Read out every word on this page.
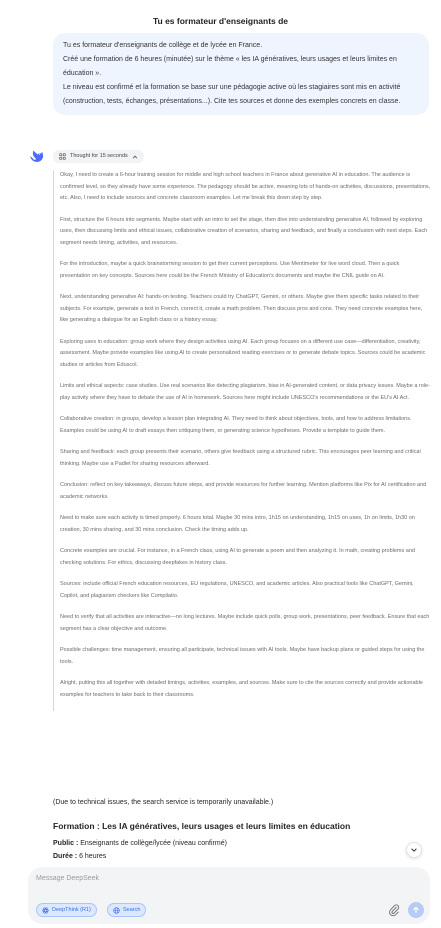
Tu es formateur d'enseignants de

Tu es formateur d'enseignants de collège et de lycée en France.

Créé une formation de 6 heures (minutée) sur le thème « les IA génératives, leurs usages et leurs limites en éducation ».

Le niveau est confirmé et la formation se base sur une pédagogie active où les stagiaires sont mis en activité (construction, tests, échanges, présentations...). Cite tes sources et donne des exemples concrets en classe.

Thought for 15 seconds

Okay, I need to create a 6-hour training session for middle and high school teachers in France about generative AI in education. The audience is confirmed level, so they already have some experience. The pedagogy should be active, meaning lots of hands-on activities, discussions, presentations, etc. Also, I need to include sources and concrete classroom examples. Let me break this down step by step.

First, structure the 6 hours into segments. Maybe start with an intro to set the stage, then dive into understanding generative AI, followed by exploring uses, then discussing limits and ethical issues, collaborative creation of scenarios, sharing and feedback, and finally a conclusion with next steps. Each segment needs timing, activities, and resources.

For the introduction, maybe a quick brainstorming session to get their current perceptions. Use Mentimeter for live word cloud. Then a quick presentation on key concepts. Sources here could be the French Ministry of Education's documents and maybe the CNIL guide on AI.

Next, understanding generative AI: hands-on testing. Teachers could try ChatGPT, Gemini, or others. Maybe give them specific tasks related to their subjects. For example, generate a text in French, correct it, create a math problem. Then discuss pros and cons. They need concrete examples here, like generating a dialogue for an English class or a history essay.

Exploring uses in education: group work where they design activities using AI. Each group focuses on a different use case—differentiation, creativity, assessment. Maybe provide examples like using AI to create personalized reading exercises or to generate debate topics. Sources could be academic studies or articles from Eduscol.

Limits and ethical aspects: case studies. Use real scenarios like detecting plagiarism, bias in AI-generated content, or data privacy issues. Maybe a role-play activity where they have to debate the use of AI in homework. Sources here might include UNESCO's recommendations or the EU's AI Act.

Collaborative creation: in groups, develop a lesson plan integrating AI. They need to think about objectives, tools, and how to address limitations. Examples could be using AI to draft essays then critiquing them, or generating science hypotheses. Provide a template to guide them.

Sharing and feedback: each group presents their scenario, others give feedback using a structured rubric. This encourages peer learning and critical thinking. Maybe use a Padlet for sharing resources afterward.

Conclusion: reflect on key takeaways, discuss future steps, and provide resources for further learning. Mention platforms like Pix for AI certification and academic networks.

Need to make sure each activity is timed properly. 6 hours total. Maybe 30 mins intro, 1h15 on understanding, 1h15 on uses, 1h on limits, 1h30 on creation, 30 mins sharing, and 30 mins conclusion. Check the timing adds up.

Concrete examples are crucial. For instance, in a French class, using AI to generate a poem and then analyzing it. In math, creating problems and checking solutions. For ethics, discussing deepfakes in history class.

Sources: include official French education resources, EU regulations, UNESCO, and academic articles. Also practical tools like ChatGPT, Gemini, Copilot, and plagiarism checkers like Compilatio.

Need to verify that all activities are interactive—no long lectures. Maybe include quick polls, group work, presentations, peer feedback. Ensure that each segment has a clear objective and outcome.

Possible challenges: time management, ensuring all participate, technical issues with AI tools. Maybe have backup plans or guided steps for using the tools.

Alright, putting this all together with detailed timings, activities, examples, and sources. Make sure to cite the sources correctly and provide actionable examples for teachers to take back to their classrooms.

(Due to technical issues, the search service is temporarily unavailable.)
Formation : Les IA génératives, leurs usages et leurs limites en éducation
Public : Enseignants de collège/lycée (niveau confirmé)
Durée : 6 heures
Message DeepSeek
DeepThink (R1)	Search
